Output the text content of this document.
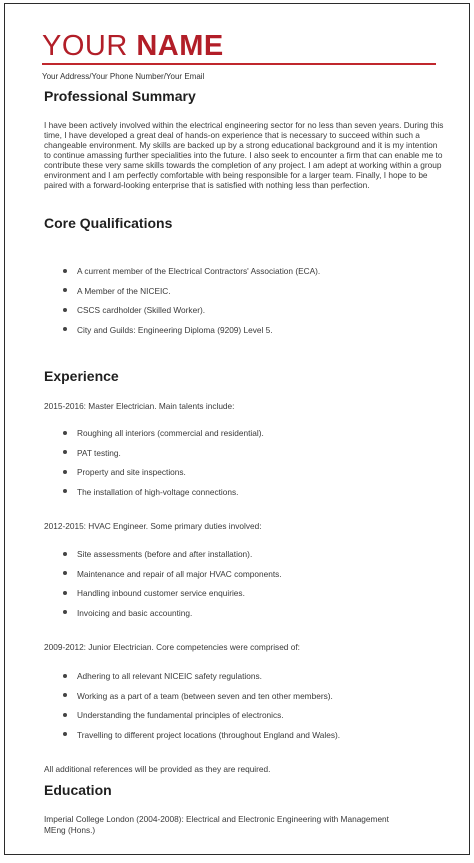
YOUR NAME
Your Address/Your Phone Number/Your Email
Professional Summary
I have been actively involved within the electrical engineering sector for no less than seven years. During this time, I have developed a great deal of hands-on experience that is necessary to succeed within such a changeable environment. My skills are backed up by a strong educational background and it is my intention to continue amassing further specialities into the future. I also seek to encounter a firm that can enable me to contribute these very same skills towards the completion of any project. I am adept at working within a group environment and I am perfectly comfortable with being responsible for a larger team. Finally, I hope to be paired with a forward-looking enterprise that is satisfied with nothing less than perfection.
Core Qualifications
A current member of the Electrical Contractors' Association (ECA).
A Member of the NICEIC.
CSCS cardholder (Skilled Worker).
City and Guilds: Engineering Diploma (9209) Level 5.
Experience
2015-2016: Master Electrician. Main talents include:
Roughing all interiors (commercial and residential).
PAT testing.
Property and site inspections.
The installation of high-voltage connections.
2012-2015: HVAC Engineer. Some primary duties involved:
Site assessments (before and after installation).
Maintenance and repair of all major HVAC components.
Handling inbound customer service enquiries.
Invoicing and basic accounting.
2009-2012: Junior Electrician. Core competencies were comprised of:
Adhering to all relevant NICEIC safety regulations.
Working as a part of a team (between seven and ten other members).
Understanding the fundamental principles of electronics.
Travelling to different project locations (throughout England and Wales).
All additional references will be provided as they are required.
Education
Imperial College London (2004-2008): Electrical and Electronic Engineering with Management
MEng (Hons.)
